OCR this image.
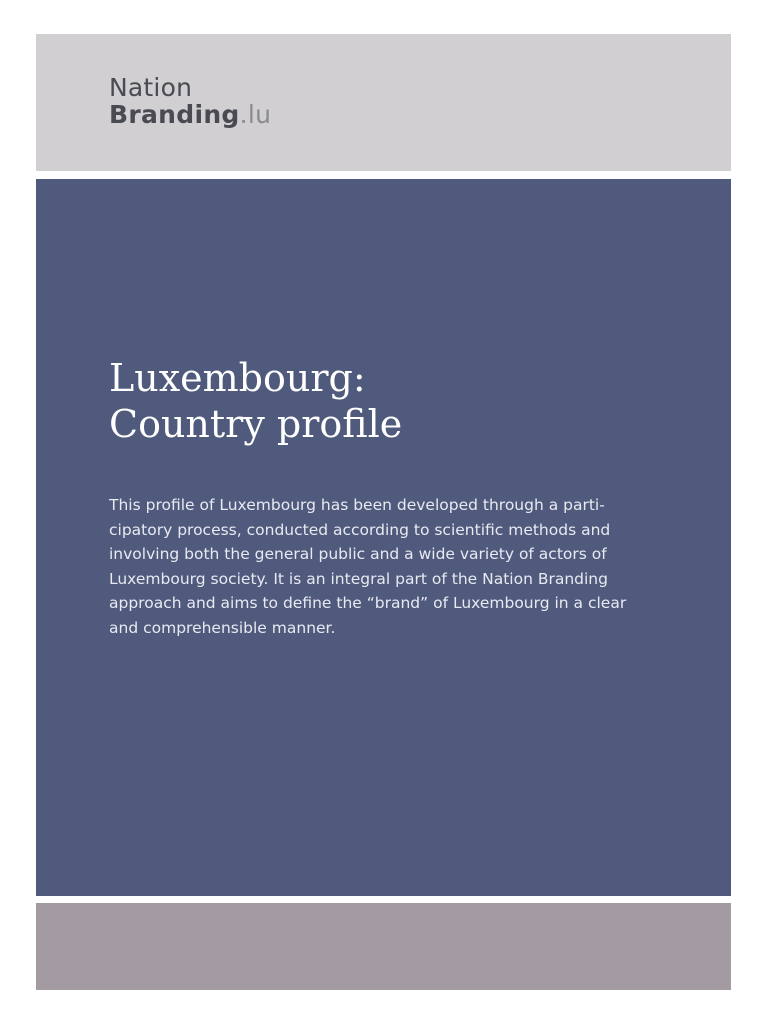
Nation
Branding.lu
Luxembourg:
Country profile

This profile of Luxembourg has been developed through a parti-
cipatory process, conducted according to scientific methods and
involving both the general public and a wide variety of actors of
Luxembourg society. It is an integral part of the Nation Branding
approach and aims to define the “brand” of Luxembourg in a clear
and comprehensible manner.
